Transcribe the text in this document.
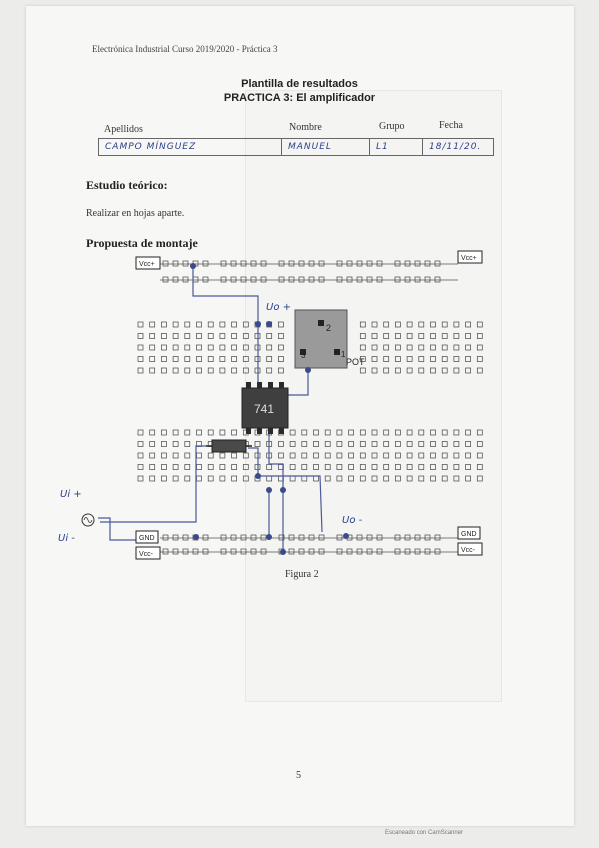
Electrónica Industrial Curso 2019/2020 - Práctica 3
Plantilla de resultados
PRACTICA 3: El amplificador
Apellidos	Nombre	Grupo	Fecha
CAMPO MÍNGUEZ	MANUEL	L1	18/11/20.
Estudio teórico:
Realizar en hojas aparte.
Propuesta de montaje
2
3	1
POT
741
Uo +
Uo -
Ui +
Ui -
Vcc+
Vcc+
GND
Vcc-
GND
Vcc-
Figura 2
5
Escaneado con CamScanner
